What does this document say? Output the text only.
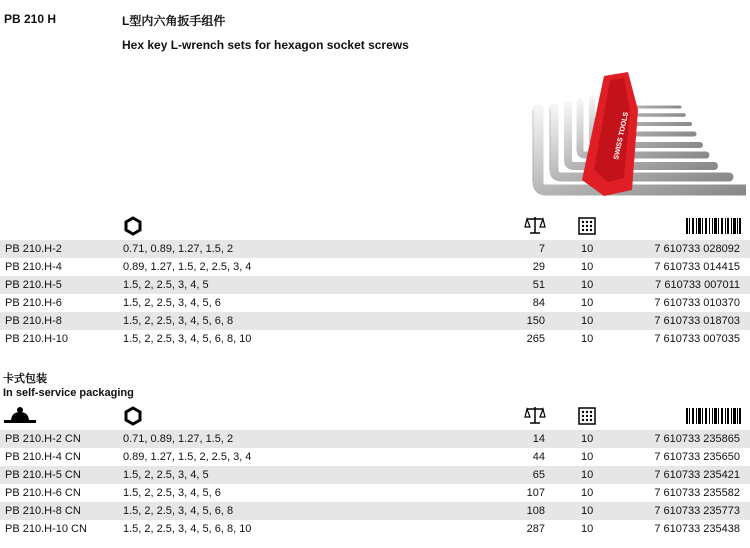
PB 210 H	L型内六角扳手组件
Hex key L-wrench sets for hexagon socket screws
SWISS TOOLS
PB 210.H-2	0.71, 0.89, 1.27, 1.5, 2	7	10	7 610733 028092
PB 210.H-4	0.89, 1.27, 1.5, 2, 2.5, 3, 4	29	10	7 610733 014415
PB 210.H-5	1.5, 2, 2.5, 3, 4, 5	51	10	7 610733 007011
PB 210.H-6	1.5, 2, 2.5, 3, 4, 5, 6	84	10	7 610733 010370
PB 210.H-8	1.5, 2, 2.5, 3, 4, 5, 6, 8	150	10	7 610733 018703
PB 210.H-10	1.5, 2, 2.5, 3, 4, 5, 6, 8, 10	265	10	7 610733 007035
卡式包装
In self-service packaging
PB 210.H-2 CN	0.71, 0.89, 1.27, 1.5, 2	14	10	7 610733 235865
PB 210.H-4 CN	0.89, 1.27, 1.5, 2, 2.5, 3, 4	44	10	7 610733 235650
PB 210.H-5 CN	1.5, 2, 2.5, 3, 4, 5	65	10	7 610733 235421
PB 210.H-6 CN	1.5, 2, 2.5, 3, 4, 5, 6	107	10	7 610733 235582
PB 210.H-8 CN	1.5, 2, 2.5, 3, 4, 5, 6, 8	108	10	7 610733 235773
PB 210.H-10 CN	1.5, 2, 2.5, 3, 4, 5, 6, 8, 10	287	10	7 610733 235438
